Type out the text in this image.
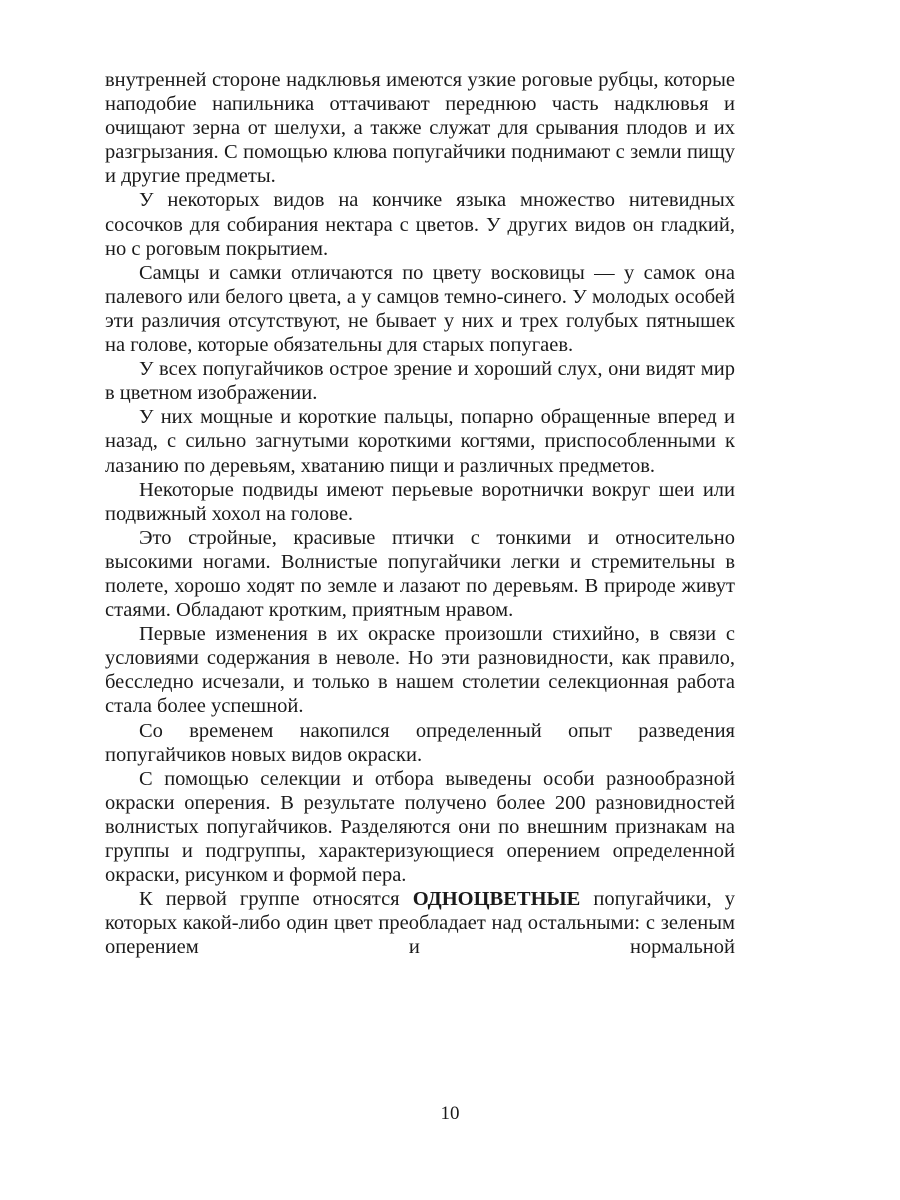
внутренней стороне надклювья имеются узкие роговые рубцы, которые наподобие напильника оттачивают переднюю часть надклювья и очищают зерна от шелухи, а также служат для срывания плодов и их разгрызания. С помощью клюва попугайчики поднимают с земли пищу и другие предметы.

У некоторых видов на кончике языка множество нитевидных сосочков для собирания нектара с цветов. У других видов он гладкий, но с роговым покрытием.

Самцы и самки отличаются по цвету восковицы — у самок она палевого или белого цвета, а у самцов темно-синего. У молодых особей эти различия отсутствуют, не бывает у них и трех голубых пятнышек на голове, которые обязательны для старых попугаев.

У всех попугайчиков острое зрение и хороший слух, они видят мир в цветном изображении.

У них мощные и короткие пальцы, попарно обращенные вперед и назад, с сильно загнутыми короткими когтями, приспособленными к лазанию по деревьям, хватанию пищи и различных предметов.

Некоторые подвиды имеют перьевые воротнички вокруг шеи или подвижный хохол на голове.

Это стройные, красивые птички с тонкими и относительно высокими ногами. Волнистые попугайчики легки и стремительны в полете, хорошо ходят по земле и лазают по деревьям. В природе живут стаями. Обладают кротким, приятным нравом.

Первые изменения в их окраске произошли стихийно, в связи с условиями содержания в неволе. Но эти разновидности, как правило, бесследно исчезали, и только в нашем столетии селекционная работа стала более успешной.

Со временем накопился определенный опыт разведения попугайчиков новых видов окраски.

С помощью селекции и отбора выведены особи разнообразной окраски оперения. В результате получено более 200 разновидностей волнистых попугайчиков. Разделяются они по внешним признакам на группы и подгруппы, характеризующиеся оперением определенной окраски, рисунком и формой пера.

К первой группе относятся ОДНОЦВЕТНЫЕ попугайчики, у которых какой-либо один цвет преобладает над остальными: с зеленым оперением и нормальной

10
